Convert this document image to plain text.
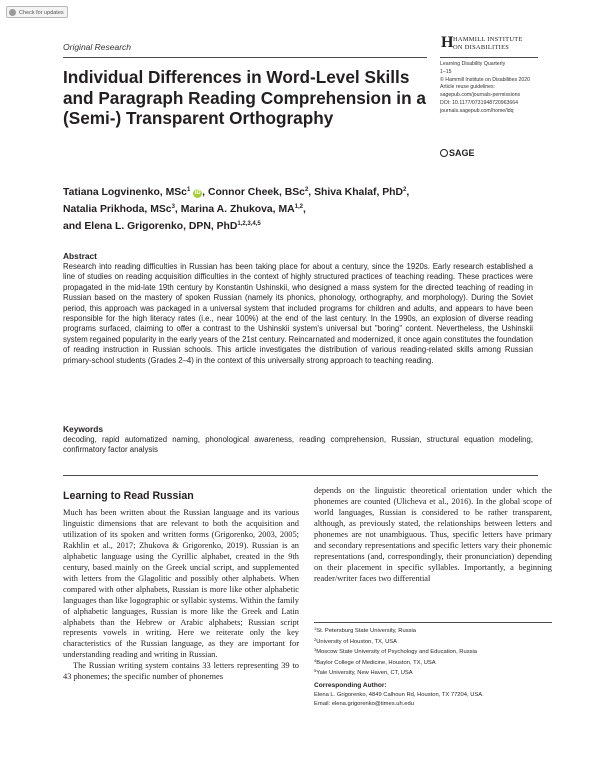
Check for updates
Original Research	H HAMMILL INSTITUTE
ON DISABILITIES
Learning Disability Quarterly
1–15
© Hammill Institute on Disabilities 2020
Article reuse guidelines:
sagepub.com/journals-permissions
DOI: 10.1177/0731948720963664
journals.sagepub.com/home/ldq
SAGE
Individual Differences in Word-Level Skills and Paragraph Reading Comprehension in a (Semi-) Transparent Orthography
Tatiana Logvinenko, MSc$^1$ iD , Connor Cheek, BSc$^2$, Shiva Khalaf, PhD$^2$,
Natalia Prikhoda, MSc$^3$, Marina A. Zhukova, MA$^{1,2}$,
and Elena L. Grigorenko, DPN, PhD$^{1,2,3,4,5}$
Abstract
Research into reading difficulties in Russian has been taking place for about a century, since the 1920s. Early research established a line of studies on reading acquisition difficulties in the context of highly structured practices of teaching reading. These practices were propagated in the mid-late 19th century by Konstantin Ushinskii, who designed a mass system for the directed teaching of reading in Russian based on the mastery of spoken Russian (namely its phonics, phonology, orthography, and morphology). During the Soviet period, this approach was packaged in a universal system that included programs for children and adults, and appears to have been responsible for the high literacy rates (i.e., near 100%) at the end of the last century. In the 1990s, an explosion of diverse reading programs surfaced, claiming to offer a contrast to the Ushinskii system's universal but "boring" content. Nevertheless, the Ushinskii system regained popularity in the early years of the 21st century. Reincarnated and modernized, it once again constitutes the foundation of reading instruction in Russian schools. This article investigates the distribution of various reading-related skills among Russian primary-school students (Grades 2–4) in the context of this universally strong approach to teaching reading.
Keywords
decoding, rapid automatized naming, phonological awareness, reading comprehension, Russian, structural equation modeling, confirmatory factor analysis
Learning to Read Russian

Much has been written about the Russian language and its various linguistic dimensions that are relevant to both the acquisition and utilization of its spoken and written forms (Grigorenko, 2003, 2005; Rakhlin et al., 2017; Zhukova & Grigorenko, 2019). Russian is an alphabetic language using the Cyrillic alphabet, created in the 9th century, based mainly on the Greek uncial script, and supplemented with letters from the Glagolitic and possibly other alphabets. When compared with other alphabets, Russian is more like other alphabetic languages than like logographic or syllabic systems. Within the family of alphabetic languages, Russian is more like the Greek and Latin alphabets than the Hebrew or Arabic alphabets; Russian script represents vowels in writing. Here we reiterate only the key characteristics of the Russian language, as they are important for understanding reading and writing in Russian.

The Russian writing system contains 33 letters representing 39 to 43 phonemes; the specific number of phonemes

depends on the linguistic theoretical orientation under which the phonemes are counted (Ulicheva et al., 2016). In the global scope of world languages, Russian is considered to be rather transparent, although, as previously stated, the relationships between letters and phonemes are not unambiguous. Thus, specific letters have primary and secondary representations and specific letters vary their phonemic representations (and, correspondingly, their pronunciation) depending on their placement in specific syllables. Importantly, a beginning reader/writer faces two differential

$^1$St. Petersburg State University, Russia
$^2$University of Houston, TX, USA
$^3$Moscow State University of Psychology and Education, Russia
$^4$Baylor College of Medicine, Houston, TX, USA
$^5$Yale University, New Haven, CT, USA
Corresponding Author:
Elena L. Grigorenko, 4849 Calhoun Rd, Houston, TX 77204, USA.
Email: elena.grigorenko@times.uh.edu
